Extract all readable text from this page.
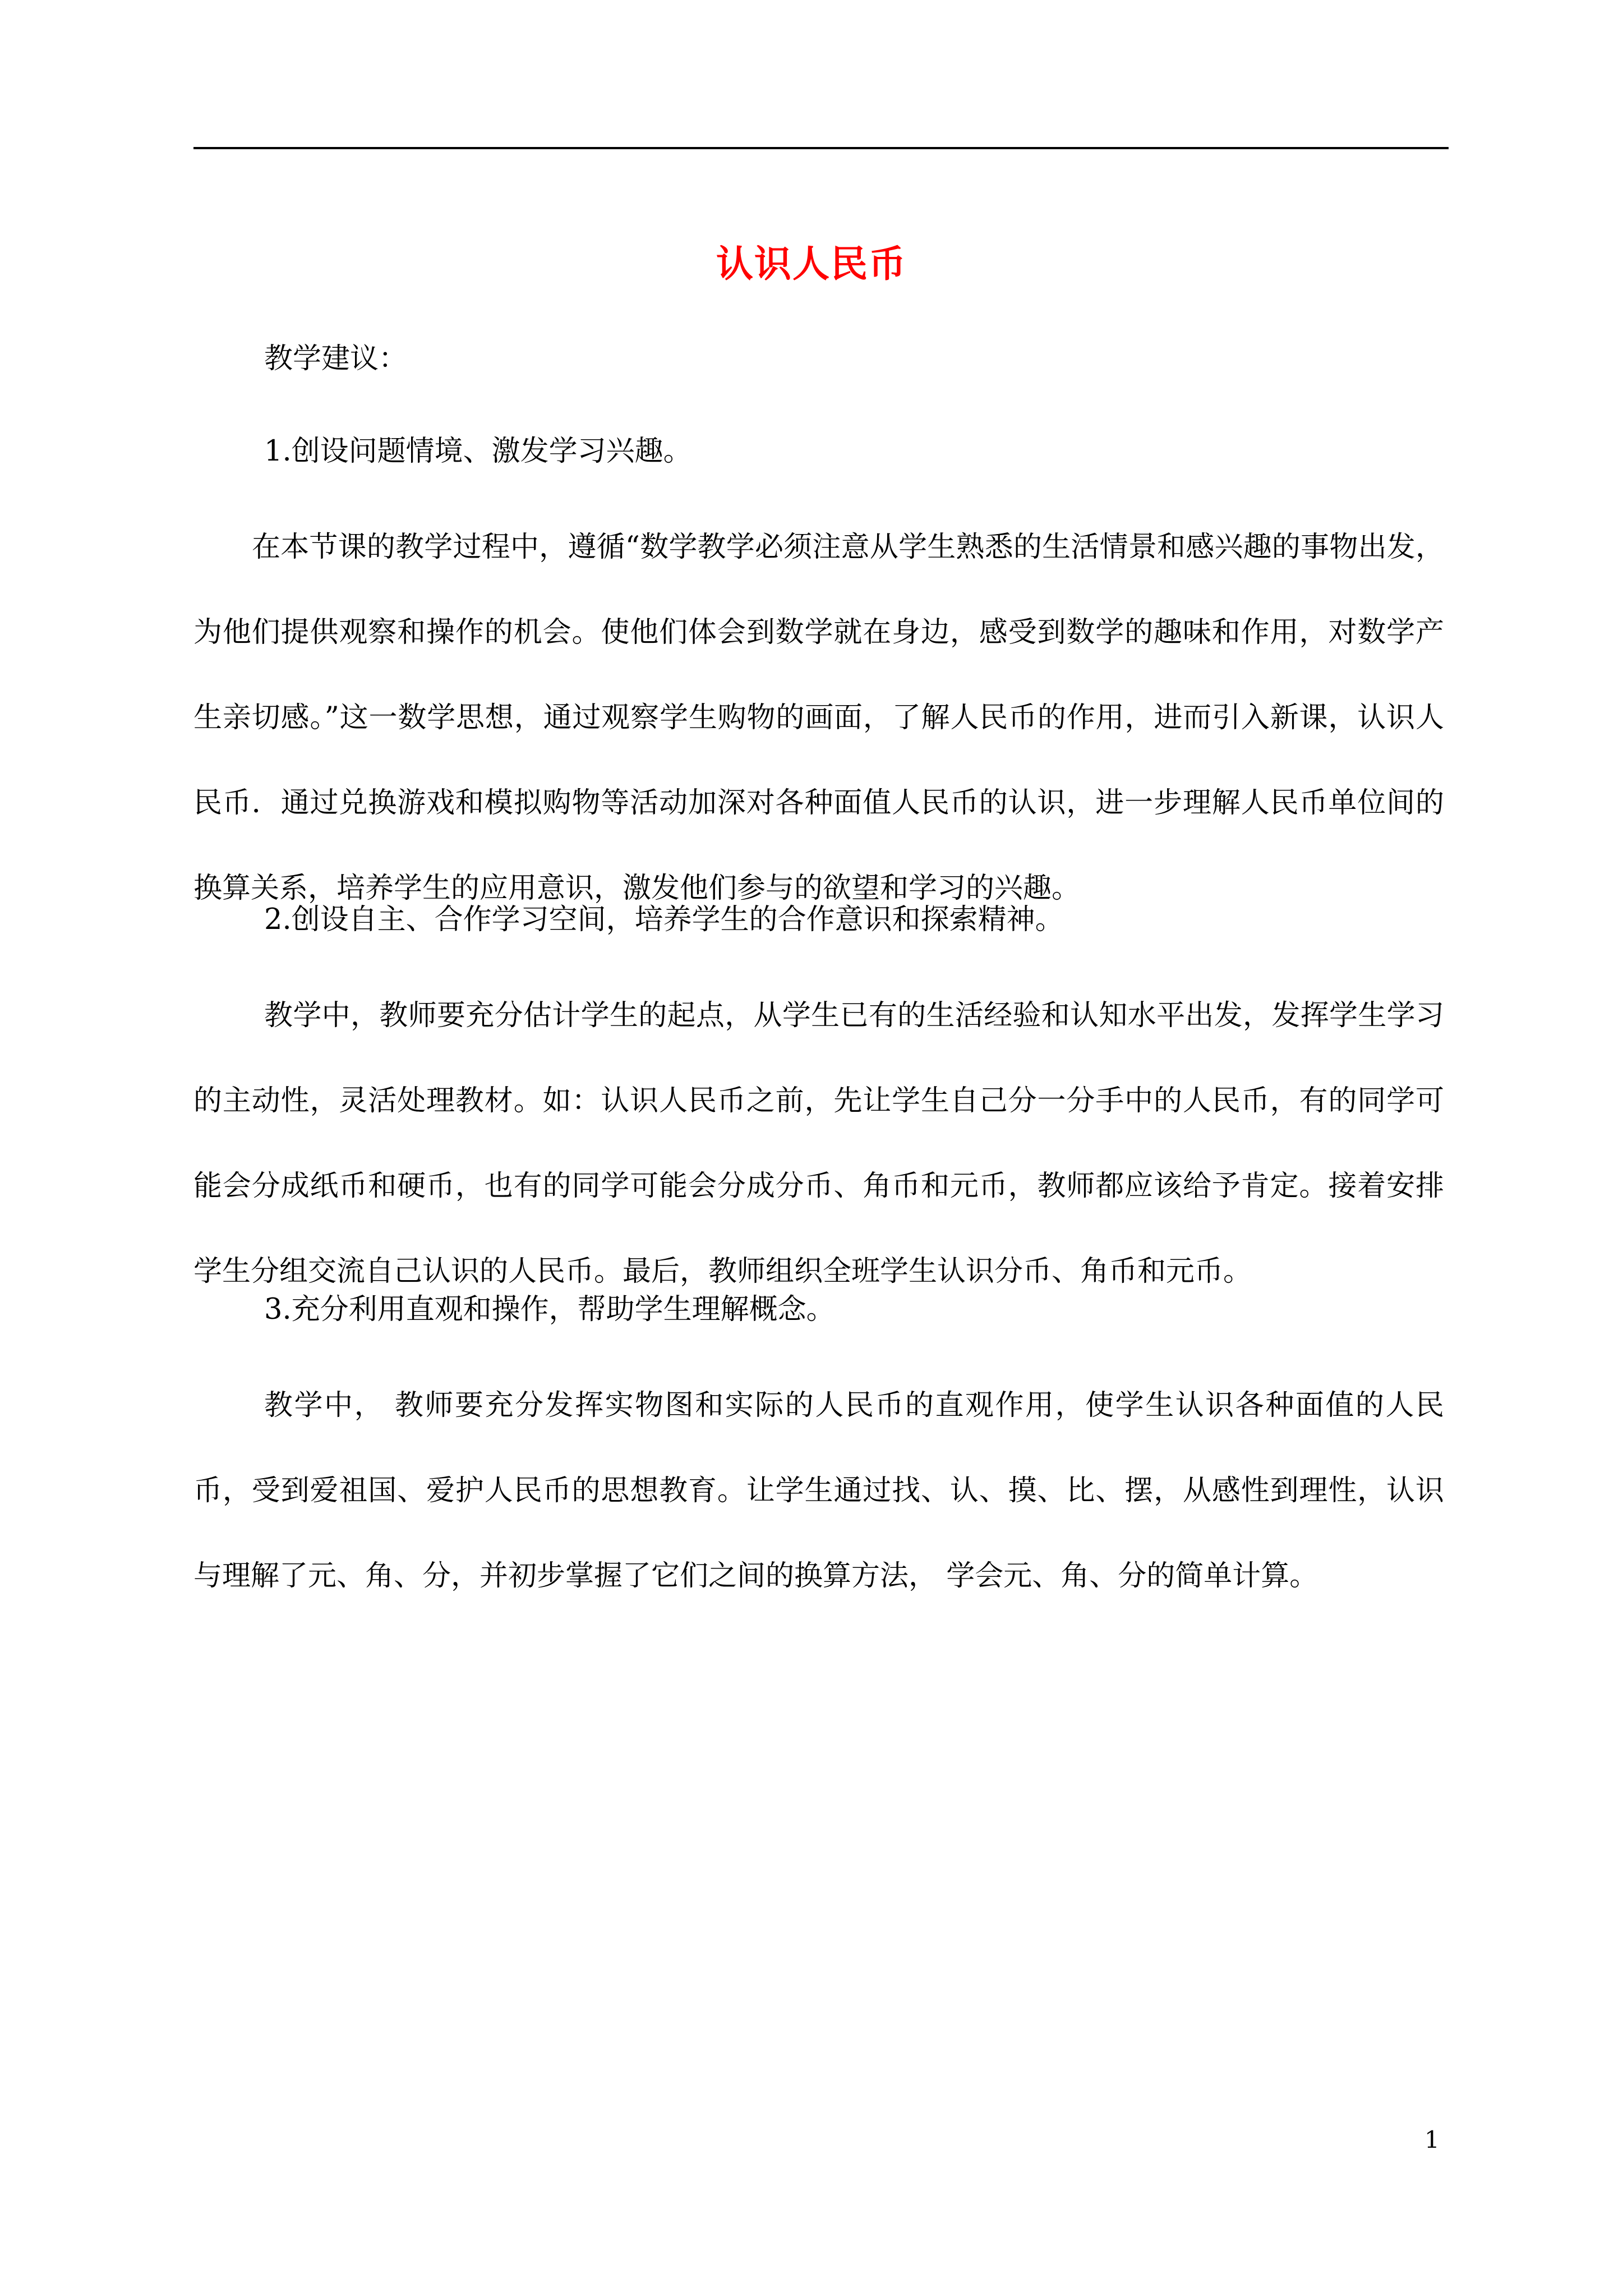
认识人民币
教学建议：
1.创设问题情境、激发学习兴趣。

在本节课的教学过程中，遵循“数学教学必须注意从学生熟悉的生活情景和感兴趣的事物出发，为他们提供观察和操作的机会。使他们体会到数学就在身边，感受到数学的趣味和作用，对数学产生亲切感。”这一数学思想，通过观察学生购物的画面，了解人民币的作用，进而引入新课，认识人民币．通过兑换游戏和模拟购物等活动加深对各种面值人民币的认识，进一步理解人民币单位间的换算关系，培养学生的应用意识，激发他们参与的欲望和学习的兴趣。

2.创设自主、合作学习空间，培养学生的合作意识和探索精神。

教学中，教师要充分估计学生的起点，从学生已有的生活经验和认知水平出发，发挥学生学习的主动性，灵活处理教材。如：认识人民币之前，先让学生自己分一分手中的人民币，有的同学可能会分成纸币和硬币，也有的同学可能会分成分币、角币和元币，教师都应该给予肯定。接着安排学生分组交流自己认识的人民币。最后，教师组织全班学生认识分币、角币和元币。

3.充分利用直观和操作，帮助学生理解概念。

教学中， 教师要充分发挥实物图和实际的人民币的直观作用，使学生认识各种面值的人民币，受到爱祖国、爱护人民币的思想教育。让学生通过找、认、摸、比、摆，从感性到理性，认识与理解了元、角、分，并初步掌握了它们之间的换算方法， 学会元、角、分的简单计算。

1
